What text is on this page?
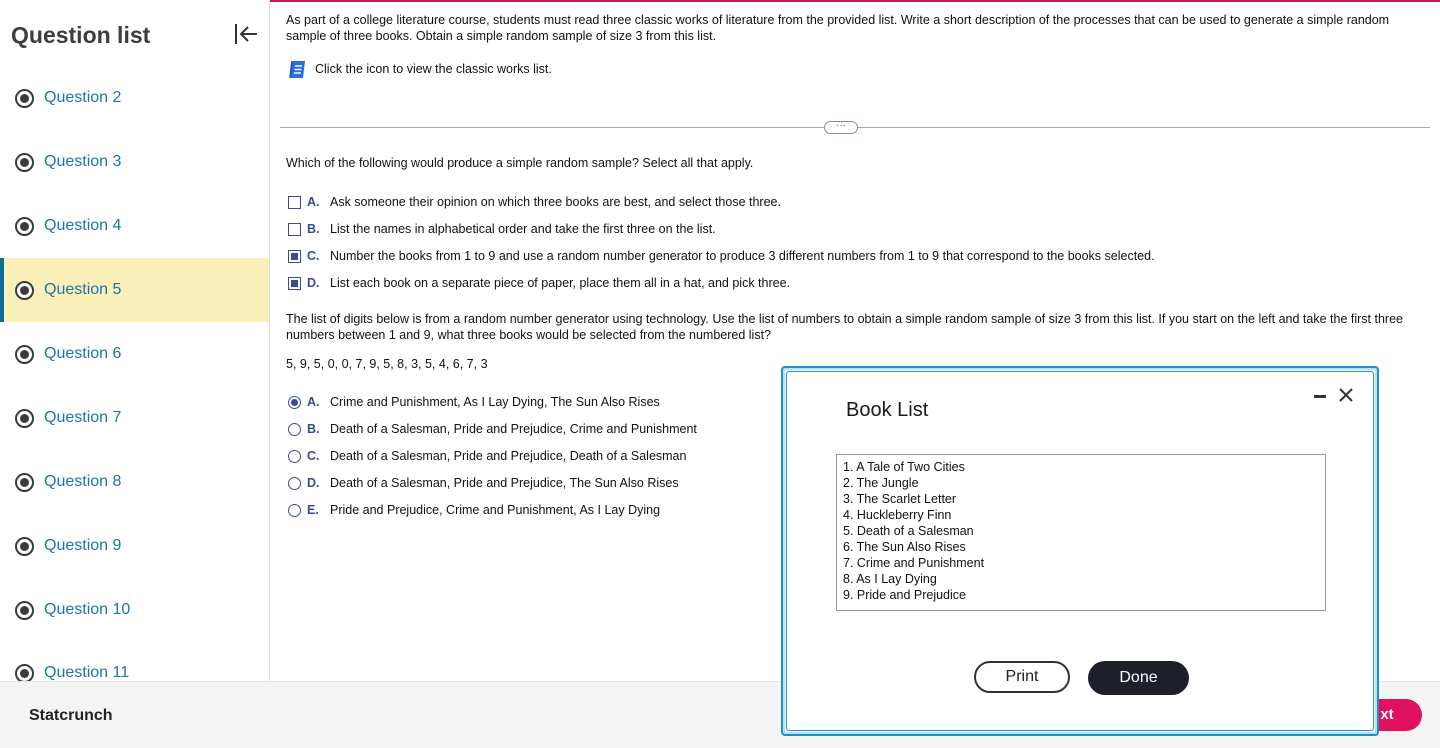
Question list
Question 2
Question 3
Question 4
Question 5
Question 6
Question 7
Question 8
Question 9
Question 10
Question 11
As part of a college literature course, students must read three classic works of literature from the provided list. Write a short description of the processes that can be used to generate a simple random sample of three books. Obtain a simple random sample of size 3 from this list.
Click the icon to view the classic works list.
···
Which of the following would produce a simple random sample? Select all that apply.
A. Ask someone their opinion on which three books are best, and select those three.
B. List the names in alphabetical order and take the first three on the list.
C. Number the books from 1 to 9 and use a random number generator to produce 3 different numbers from 1 to 9 that correspond to the books selected.
D. List each book on a separate piece of paper, place them all in a hat, and pick three.
The list of digits below is from a random number generator using technology. Use the list of numbers to obtain a simple random sample of size 3 from this list. If you start on the left and take the first three numbers between 1 and 9, what three books would be selected from the numbered list?
5, 9, 5, 0, 0, 7, 9, 5, 8, 3, 5, 4, 6, 7, 3
A. Crime and Punishment, As I Lay Dying, The Sun Also Rises
B. Death of a Salesman, Pride and Prejudice, Crime and Punishment
C. Death of a Salesman, Pride and Prejudice, Death of a Salesman
D. Death of a Salesman, Pride and Prejudice, The Sun Also Rises
E. Pride and Prejudice, Crime and Punishment, As I Lay Dying
Statcrunch	xt
Book List
1. A Tale of Two Cities
2. The Jungle
3. The Scarlet Letter
4. Huckleberry Finn
5. Death of a Salesman
6. The Sun Also Rises
7. Crime and Punishment
8. As I Lay Dying
9. Pride and Prejudice
Print	Done
